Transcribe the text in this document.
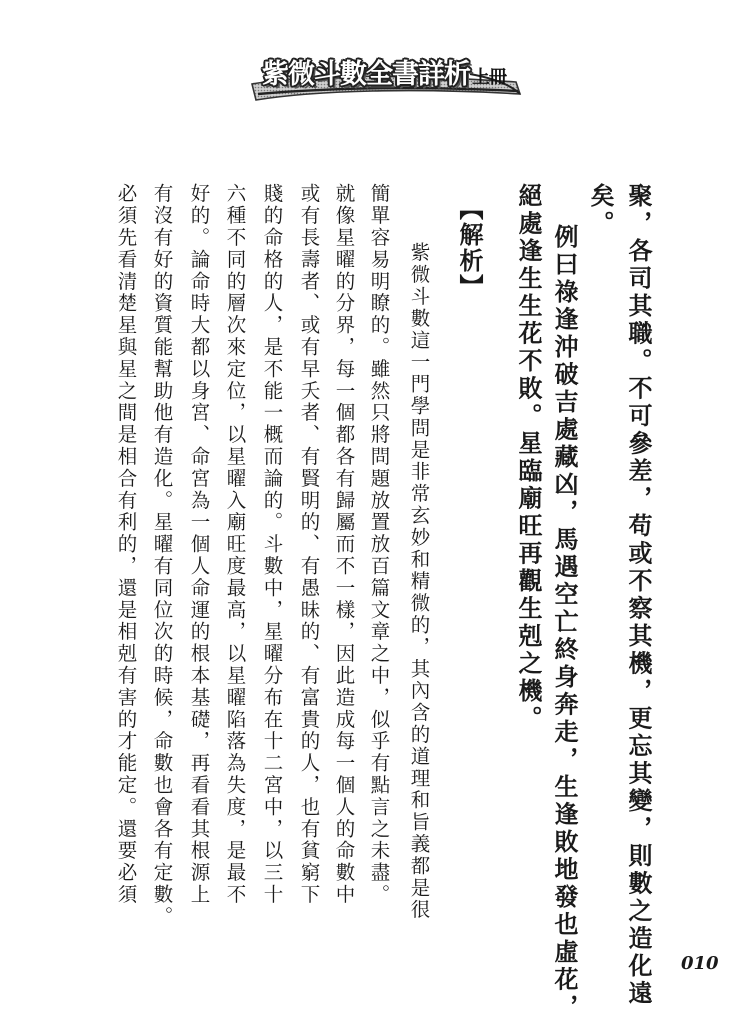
紫微斗數全書詳析 上冊
聚，各司其職。不可參差，苟或不察其機，更忘其變，則數之造化遠
矣。
例曰祿逢沖破吉處藏凶，馬遇空亡終身奔走，生逢敗地發也虛花，
絕處逢生生花不敗。星臨廟旺再觀生剋之機。
【解析】
紫微斗數這一門學問是非常玄妙和精微的，其內含的道理和旨義都是很
簡單容易明瞭的。雖然只將問題放置放百篇文章之中，似乎有點言之未盡。
就像星曜的分界，每一個都各有歸屬而不一樣，因此造成每一個人的命數中
或有長壽者、或有早夭者、有賢明的、有愚昧的、有富貴的人，也有貧窮下
賤的命格的人，是不能一概而論的。斗數中，星曜分布在十二宮中，以三十
六種不同的層次來定位，以星曜入廟旺度最高，以星曜陷落為失度，是最不
好的。論命時大都以身宮、命宮為一個人命運的根本基礎，再看看其根源上
有沒有好的資質能幫助他有造化。星曜有同位次的時候，命數也會各有定數。
必須先看清楚星與星之間是相合有利的，還是相剋有害的才能定。還要必須
010
